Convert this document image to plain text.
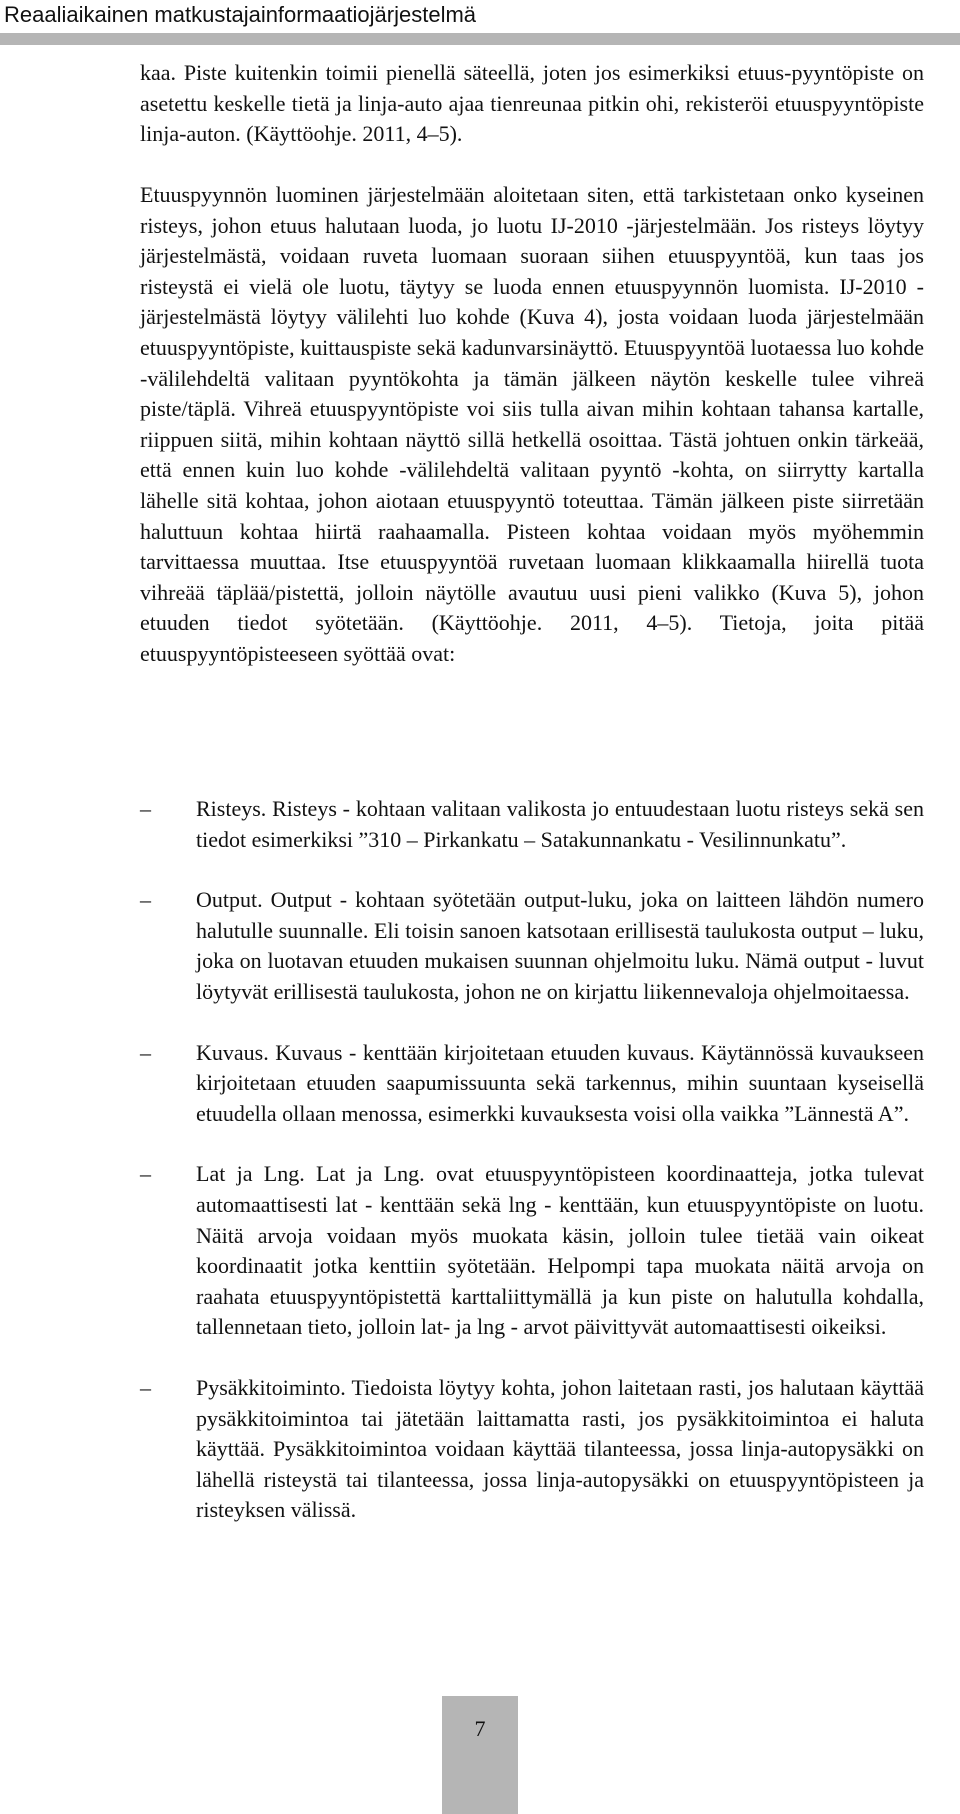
Reaaliaikainen matkustajainformaatiojärjestelmä

kaa. Piste kuitenkin toimii pienellä säteellä, joten jos esimerkiksi etuus-pyyntöpiste on asetettu keskelle tietä ja linja-auto ajaa tienreunaa pitkin ohi, rekisteröi etuuspyyntöpiste linja-auton. (Käyttöohje. 2011, 4–5).

Etuuspyynnön luominen järjestelmään aloitetaan siten, että tarkistetaan onko kyseinen risteys, johon etuus halutaan luoda, jo luotu IJ-2010 -järjestelmään. Jos risteys löytyy järjestelmästä, voidaan ruveta luomaan suoraan siihen etuuspyyntöä, kun taas jos risteystä ei vielä ole luotu, täytyy se luoda ennen etuuspyynnön luomista. IJ-2010 -järjestelmästä löytyy välilehti luo kohde (Kuva 4), josta voidaan luoda järjestelmään etuuspyyntöpiste, kuittauspiste sekä kadunvarsinäyttö. Etuuspyyntöä luotaessa luo kohde -välilehdeltä valitaan pyyntökohta ja tämän jälkeen näytön keskelle tulee vihreä piste/täplä. Vihreä etuuspyyntöpiste voi siis tulla aivan mihin kohtaan tahansa kartalle, riippuen siitä, mihin kohtaan näyttö sillä hetkellä osoittaa. Tästä johtuen onkin tärkeää, että ennen kuin luo kohde -välilehdeltä valitaan pyyntö -kohta, on siirrytty kartalla lähelle sitä kohtaa, johon aiotaan etuuspyyntö toteuttaa. Tämän jälkeen piste siirretään haluttuun kohtaa hiirtä raahaamalla. Pisteen kohtaa voidaan myös myöhemmin tarvittaessa muuttaa. Itse etuuspyyntöä ruvetaan luomaan klikkaamalla hiirellä tuota vihreää täplää/pistettä, jolloin näytölle avautuu uusi pieni valikko (Kuva 5), johon etuuden tiedot syötetään. (Käyttöohje. 2011, 4–5). Tietoja, joita pitää etuuspyyntöpisteeseen syöttää ovat:

–	Risteys. Risteys - kohtaan valitaan valikosta jo entuudestaan luotu risteys sekä sen tiedot esimerkiksi ”310 – Pirkankatu – Satakunnankatu - Vesilinnunkatu”.
–	Output. Output - kohtaan syötetään output-luku, joka on laitteen lähdön numero halutulle suunnalle. Eli toisin sanoen katsotaan erillisestä taulukosta output – luku, joka on luotavan etuuden mukaisen suunnan ohjelmoitu luku. Nämä output - luvut löytyvät erillisestä taulukosta, johon ne on kirjattu liikennevaloja ohjelmoitaessa.
–	Kuvaus. Kuvaus - kenttään kirjoitetaan etuuden kuvaus. Käytännössä kuvaukseen kirjoitetaan etuuden saapumissuunta sekä tarkennus, mihin suuntaan kyseisellä etuudella ollaan menossa, esimerkki kuvauksesta voisi olla vaikka ”Lännestä A”.
–	Lat ja Lng. Lat ja Lng. ovat etuuspyyntöpisteen koordinaatteja, jotka tulevat automaattisesti lat - kenttään sekä lng - kenttään, kun etuuspyyntöpiste on luotu. Näitä arvoja voidaan myös muokata käsin, jolloin tulee tietää vain oikeat koordinaatit jotka kenttiin syötetään. Helpompi tapa muokata näitä arvoja on raahata etuuspyyntöpistettä karttaliittymällä ja kun piste on halutulla kohdalla, tallennetaan tieto, jolloin lat- ja lng - arvot päivittyvät automaattisesti oikeiksi.
–	Pysäkkitoiminto. Tiedoista löytyy kohta, johon laitetaan rasti, jos halutaan käyttää pysäkkitoimintoa tai jätetään laittamatta rasti, jos pysäkkitoimintoa ei haluta käyttää. Pysäkkitoimintoa voidaan käyttää tilanteessa, jossa linja-autopysäkki on lähellä risteystä tai tilanteessa, jossa linja-autopysäkki on etuuspyyntöpisteen ja risteyksen välissä.
7
